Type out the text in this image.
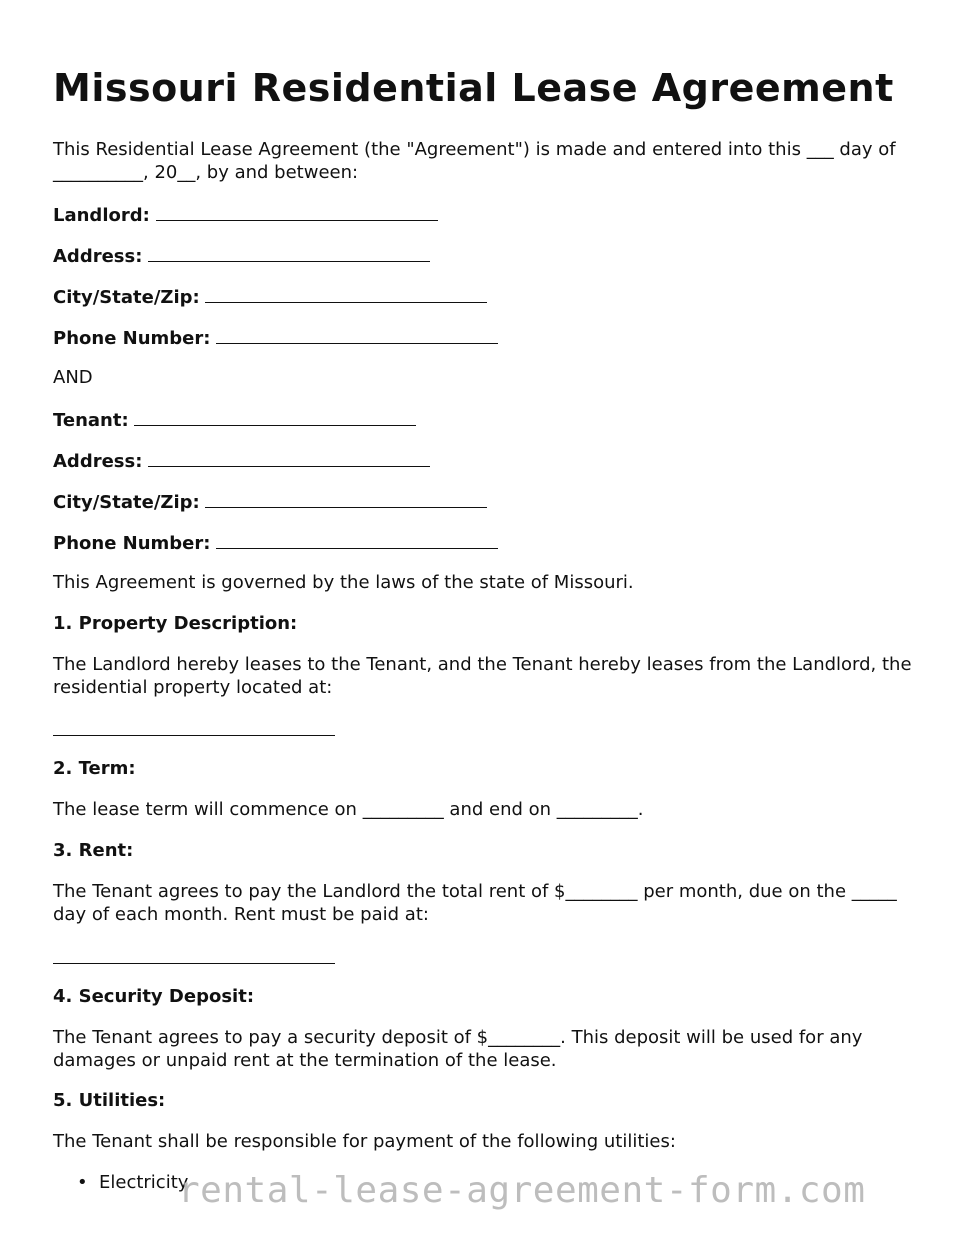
Missouri Residential Lease Agreement
This Residential Lease Agreement (the "Agreement") is made and entered into this ___ day of __________, 20__, by and between:
Landlord:
Address:
City/State/Zip:
Phone Number:
AND
Tenant:
Address:
City/State/Zip:
Phone Number:
This Agreement is governed by the laws of the state of Missouri.
1. Property Description:
The Landlord hereby leases to the Tenant, and the Tenant hereby leases from the Landlord, the residential property located at:
2. Term:
The lease term will commence on _________ and end on _________.
3. Rent:
The Tenant agrees to pay the Landlord the total rent of $________ per month, due on the _____ day of each month. Rent must be paid at:
4. Security Deposit:
The Tenant agrees to pay a security deposit of $________. This deposit will be used for any damages or unpaid rent at the termination of the lease.
5. Utilities:
The Tenant shall be responsible for payment of the following utilities:
• Electricity
rental-lease-agreement-form.com
